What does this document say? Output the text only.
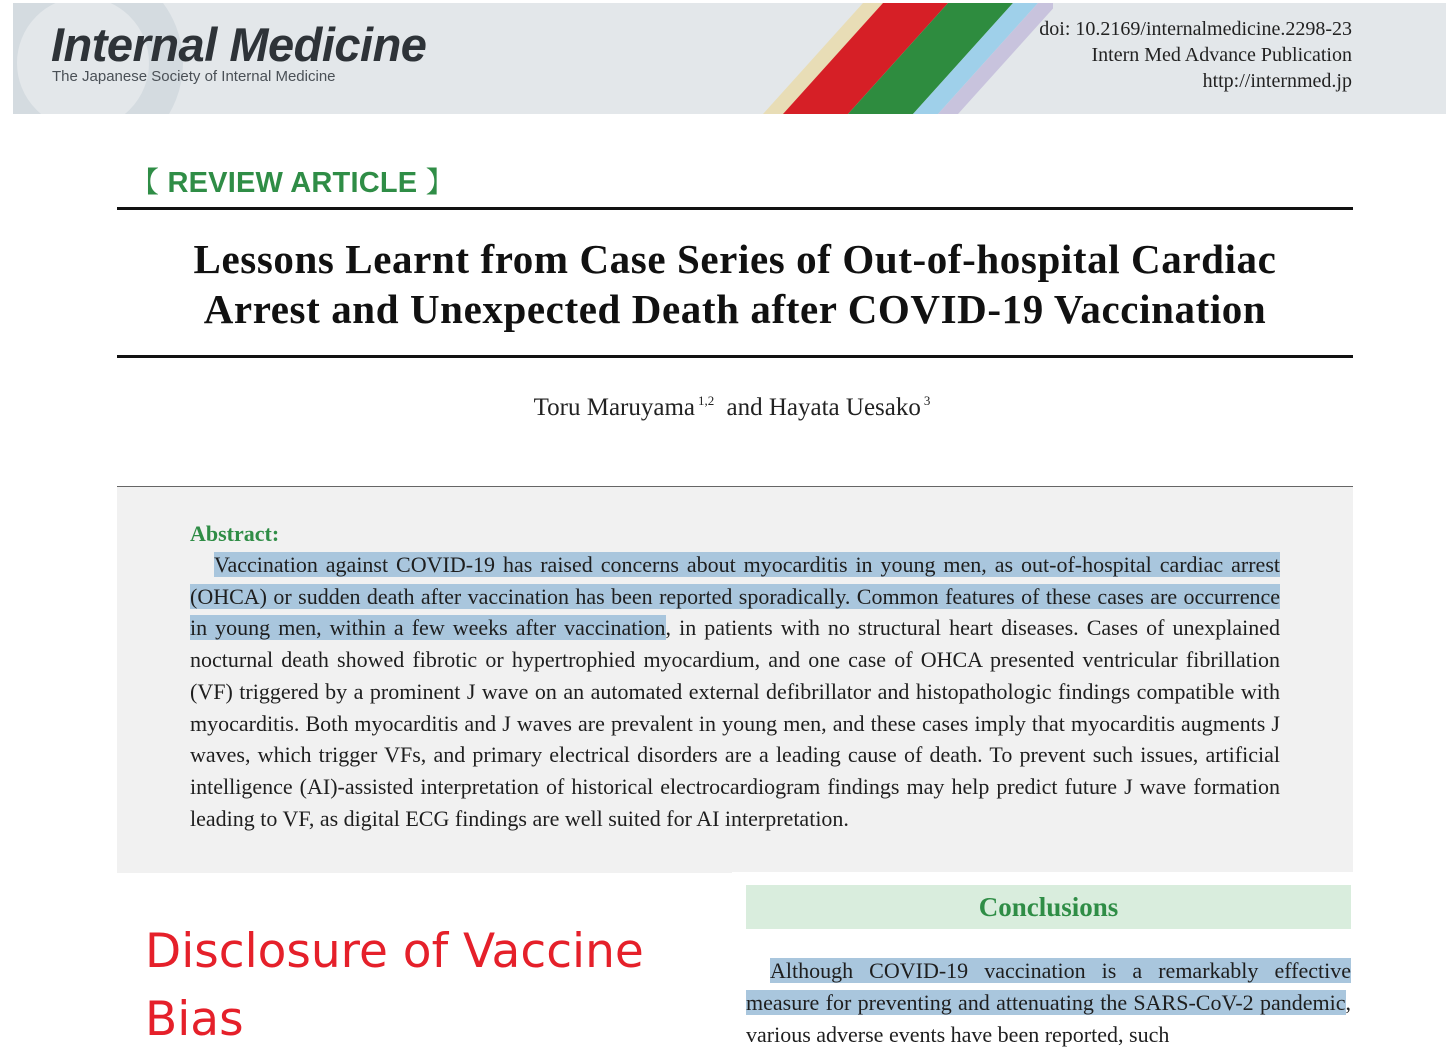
Internal Medicine
The Japanese Society of Internal Medicine
doi: 10.2169/internalmedicine.2298-23
Intern Med Advance Publication
http://internmed.jp
【 REVIEW ARTICLE 】
Lessons Learnt from Case Series of Out-of-hospital Cardiac
Arrest and Unexpected Death after COVID-19 Vaccination
Toru Maruyama $^{1,2}$ and Hayata Uesako $^3$
Abstract:
Vaccination against COVID-19 has raised concerns about myocarditis in young men, as out-of-hospital cardiac arrest (OHCA) or sudden death after vaccination has been reported sporadically. Common features of these cases are occurrence in young men, within a few weeks after vaccination, in patients with no structural heart diseases. Cases of unexplained nocturnal death showed fibrotic or hypertrophied myocardium, and one case of OHCA presented ventricular fibrillation (VF) triggered by a prominent J wave on an automated external defibrillator and histopathologic findings compatible with myocarditis. Both myocarditis and J waves are prevalent in young men, and these cases imply that myocarditis augments J waves, which trigger VFs, and primary electrical disorders are a leading cause of death. To prevent such issues, artificial intelligence (AI)-assisted interpretation of historical electrocardiogram findings may help predict future J wave formation leading to VF, as digital ECG findings are well suited for AI interpretation.
Disclosure of Vaccine Bias
Conclusions
Although COVID-19 vaccination is a remarkably effective measure for preventing and attenuating the SARS-CoV-2 pandemic, various adverse events have been reported, such
